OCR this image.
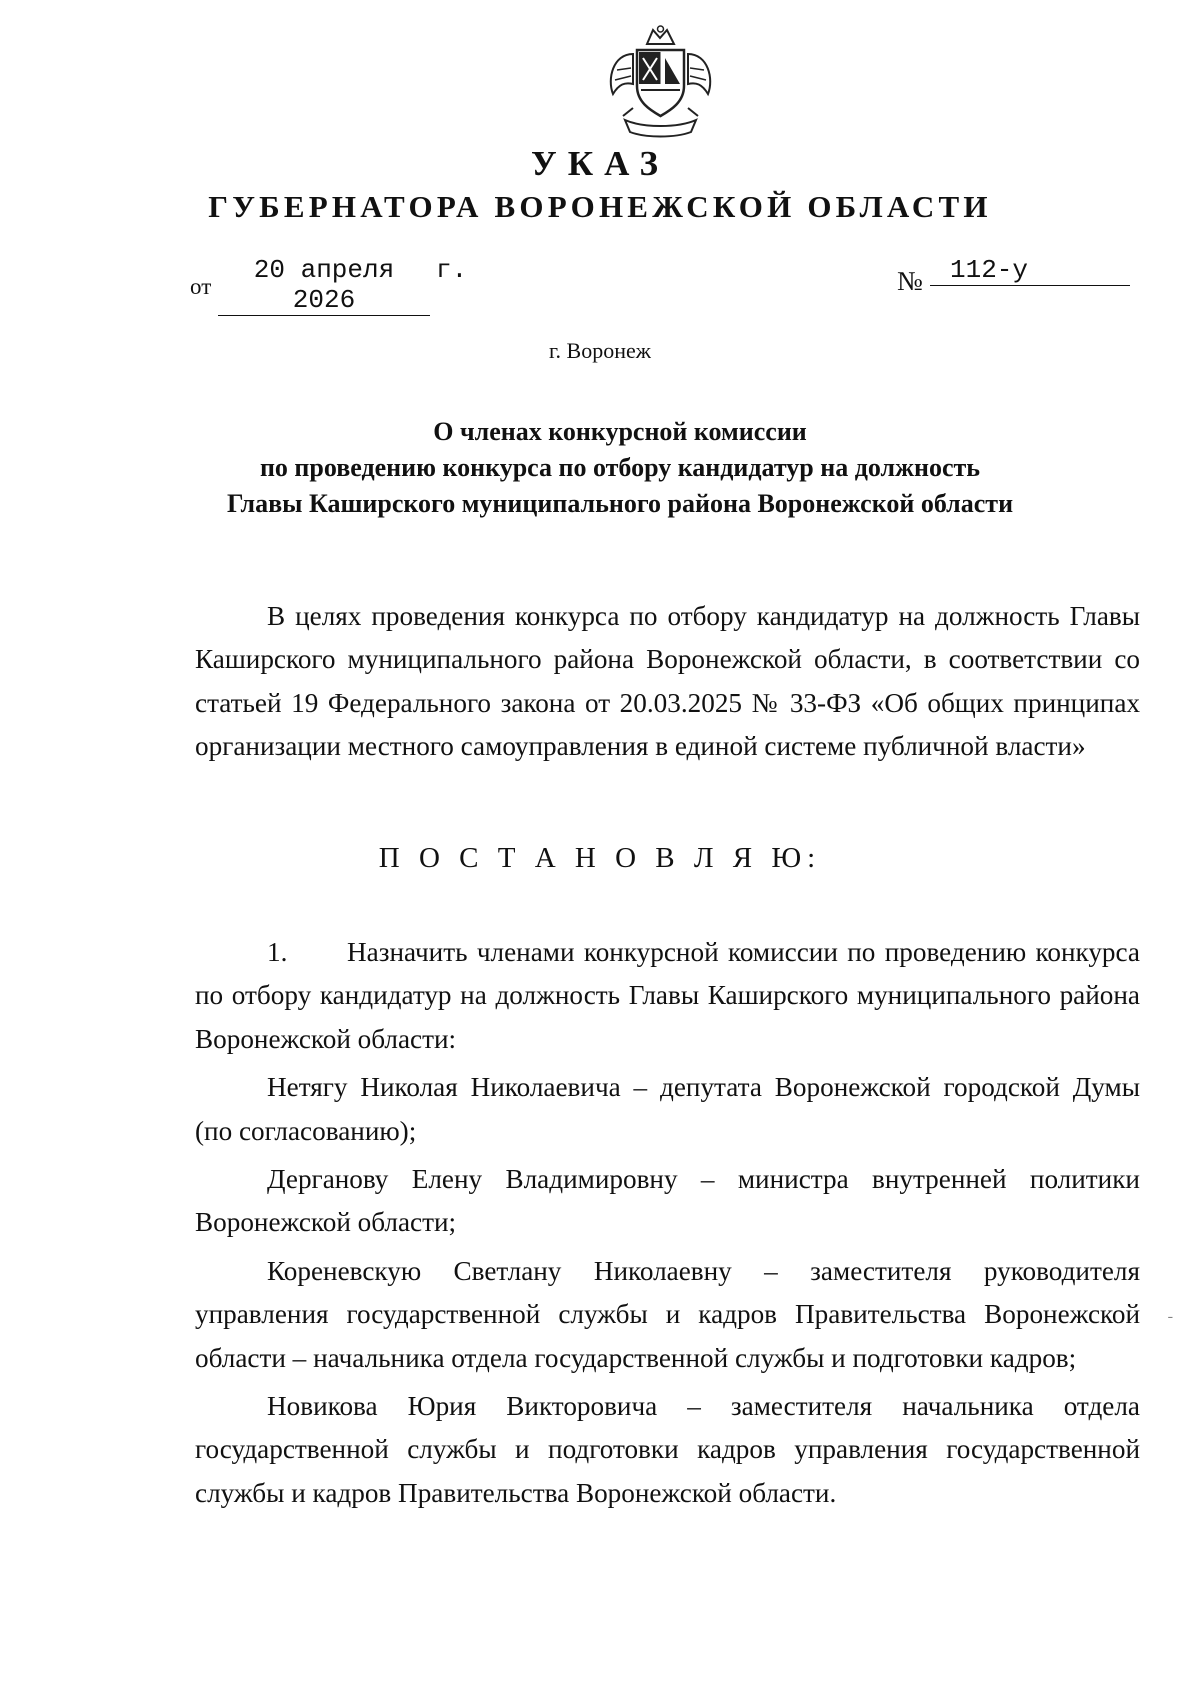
УКАЗ
ГУБЕРНАТОРА ВОРОНЕЖСКОЙ ОБЛАСТИ
от
20 апреля 2026
г.	№	112-у
г. Воронеж
О членах конкурсной комиссии
по проведению конкурса по отбору кандидатур на должность
Главы Каширского муниципального района Воронежской области
В целях проведения конкурса по отбору кандидатур на должность Главы Каширского муниципального района Воронежской области, в соответствии со статьей 19 Федерального закона от 20.03.2025 № 33-ФЗ «Об общих принципах организации местного самоуправления в единой системе публичной власти»
П О С Т А Н О В Л Я Ю:
1. Назначить членами конкурсной комиссии по проведению конкурса по отбору кандидатур на должность Главы Каширского муниципального района Воронежской области:
Нетягу Николая Николаевича – депутата Воронежской городской Думы (по согласованию);
Дерганову Елену Владимировну – министра внутренней политики Воронежской области;
Кореневскую Светлану Николаевну – заместителя руководителя управления государственной службы и кадров Правительства Воронежской области – начальника отдела государственной службы и подготовки кадров;
Новикова Юрия Викторовича – заместителя начальника отдела государственной службы и подготовки кадров управления государственной службы и кадров Правительства Воронежской области.
ˍ
